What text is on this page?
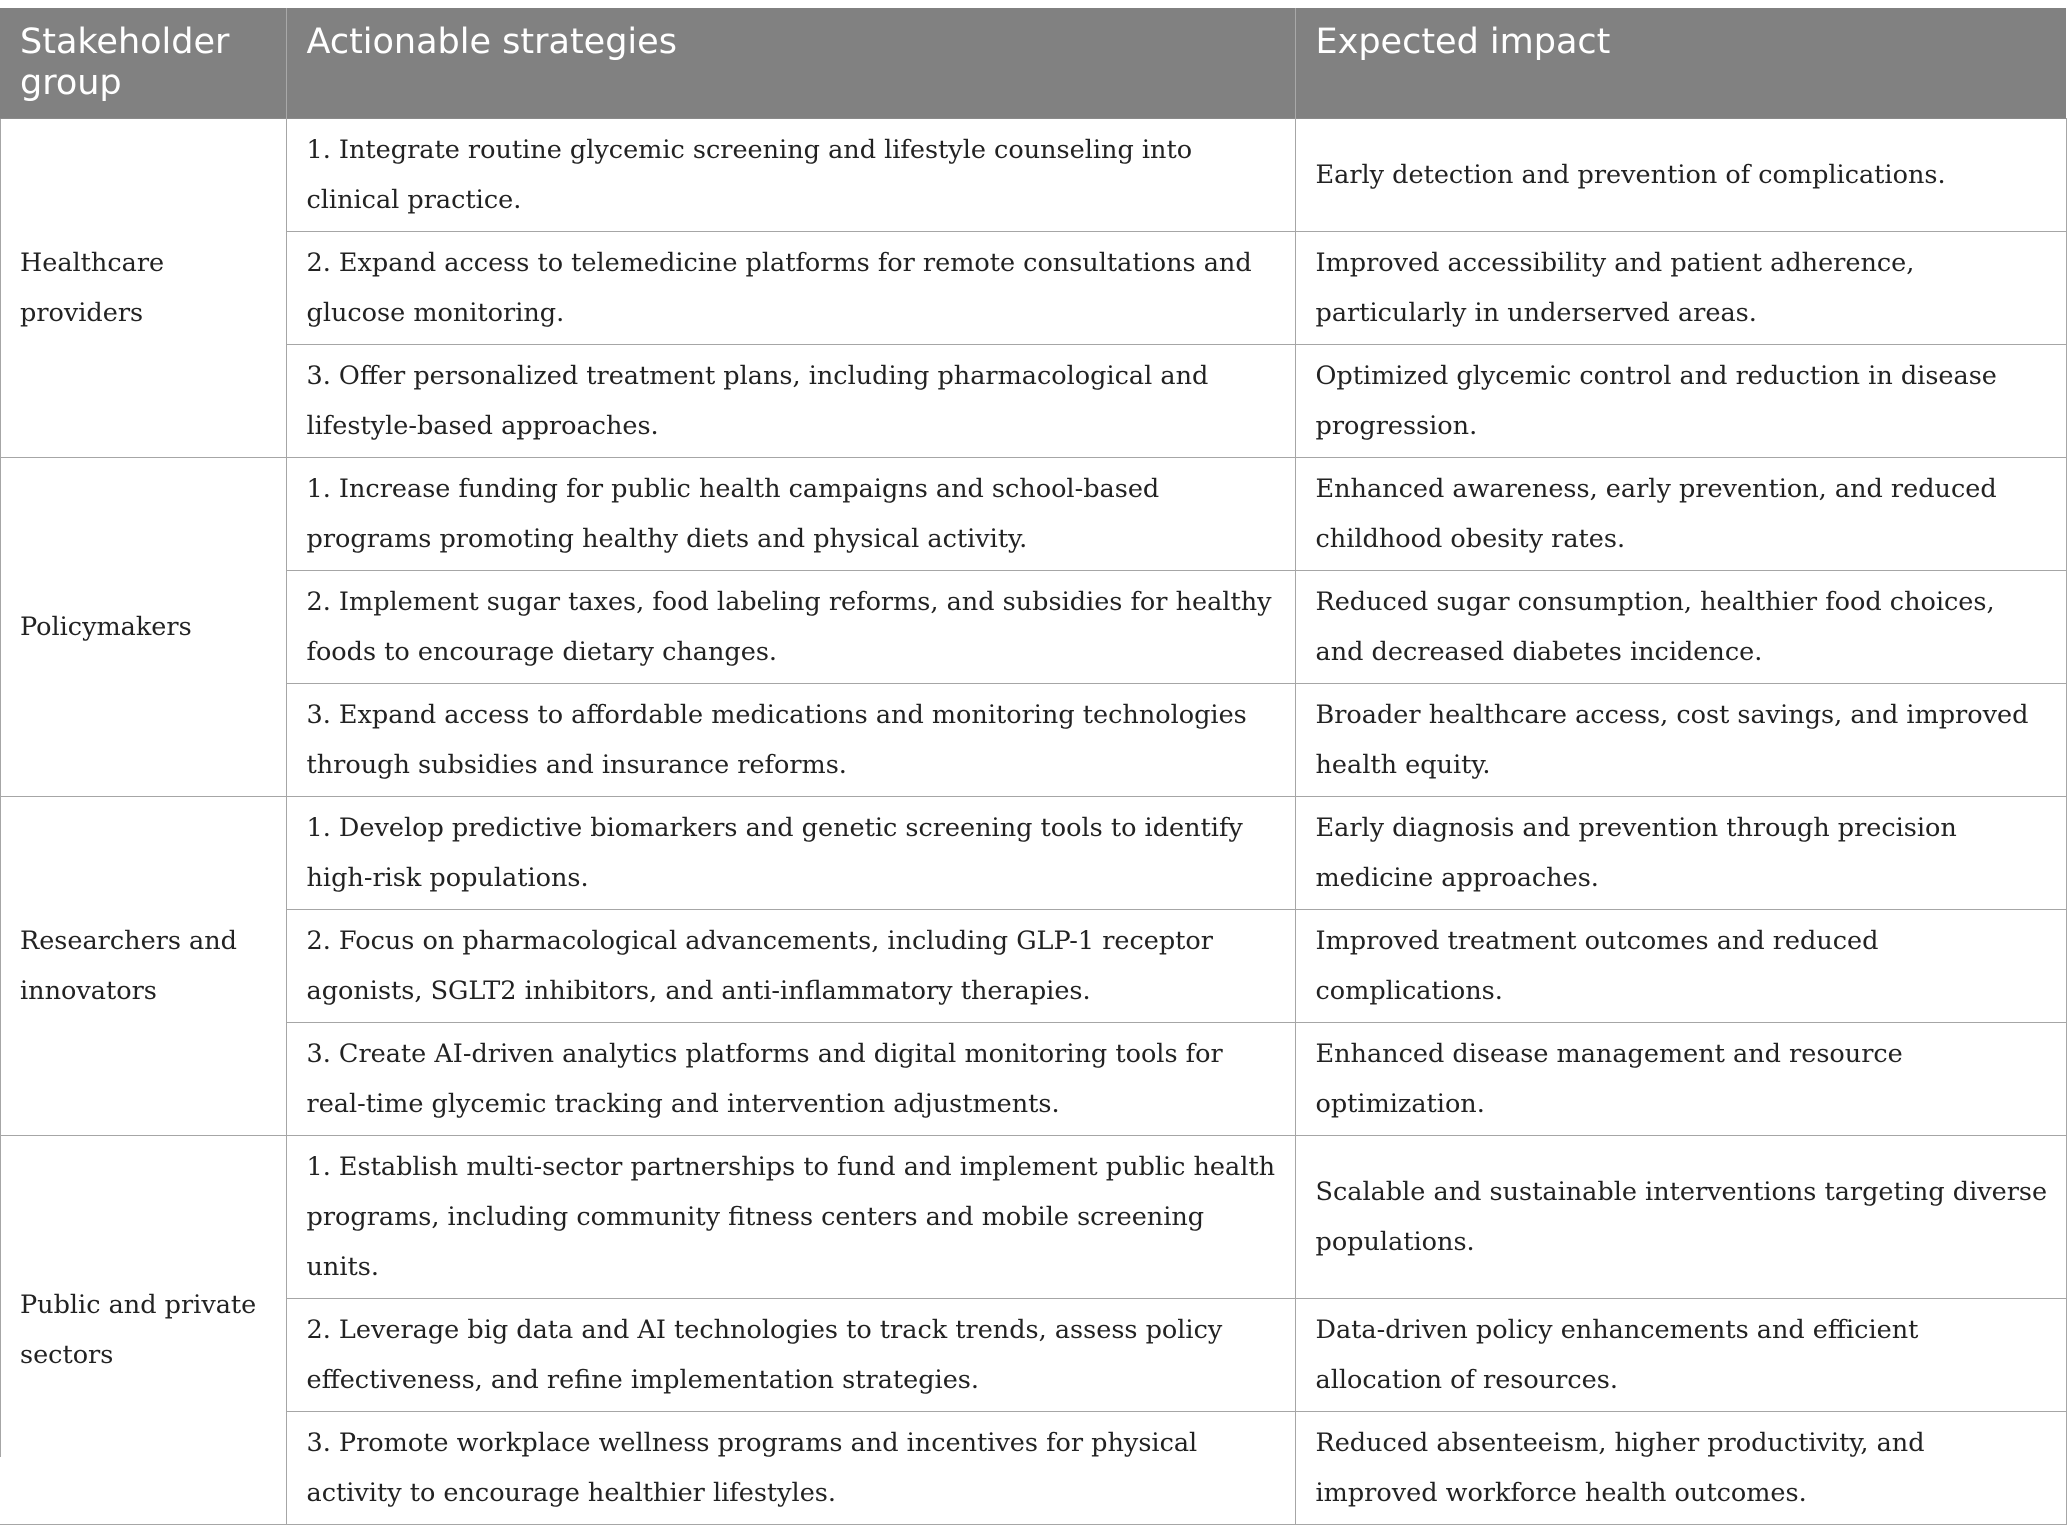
Stakeholder group	Actionable strategies	Expected impact
Healthcare providers	1. Integrate routine glycemic screening and lifestyle counseling into clinical practice.	Early detection and prevention of complications.
	2. Expand access to telemedicine platforms for remote consultations and glucose monitoring.	Improved accessibility and patient adherence, particularly in underserved areas.
	3. Offer personalized treatment plans, including pharmacological and lifestyle-based approaches.	Optimized glycemic control and reduction in disease progression.
Policymakers	1. Increase funding for public health campaigns and school-based programs promoting healthy diets and physical activity.	Enhanced awareness, early prevention, and reduced childhood obesity rates.
	2. Implement sugar taxes, food labeling reforms, and subsidies for healthy foods to encourage dietary changes.	Reduced sugar consumption, healthier food choices, and decreased diabetes incidence.
	3. Expand access to affordable medications and monitoring technologies through subsidies and insurance reforms.	Broader healthcare access, cost savings, and improved health equity.
Researchers and innovators	1. Develop predictive biomarkers and genetic screening tools to identify high-risk populations.	Early diagnosis and prevention through precision medicine approaches.
	2. Focus on pharmacological advancements, including GLP-1 receptor agonists, SGLT2 inhibitors, and anti-inflammatory therapies.	Improved treatment outcomes and reduced complications.
	3. Create AI-driven analytics platforms and digital monitoring tools for real-time glycemic tracking and intervention adjustments.	Enhanced disease management and resource optimization.
Public and private sectors	1. Establish multi-sector partnerships to fund and implement public health programs, including community fitness centers and mobile screening units.	Scalable and sustainable interventions targeting diverse populations.
	2. Leverage big data and AI technologies to track trends, assess policy effectiveness, and refine implementation strategies.	Data-driven policy enhancements and efficient allocation of resources.
	3. Promote workplace wellness programs and incentives for physical activity to encourage healthier lifestyles.	Reduced absenteeism, higher productivity, and improved workforce health outcomes.
